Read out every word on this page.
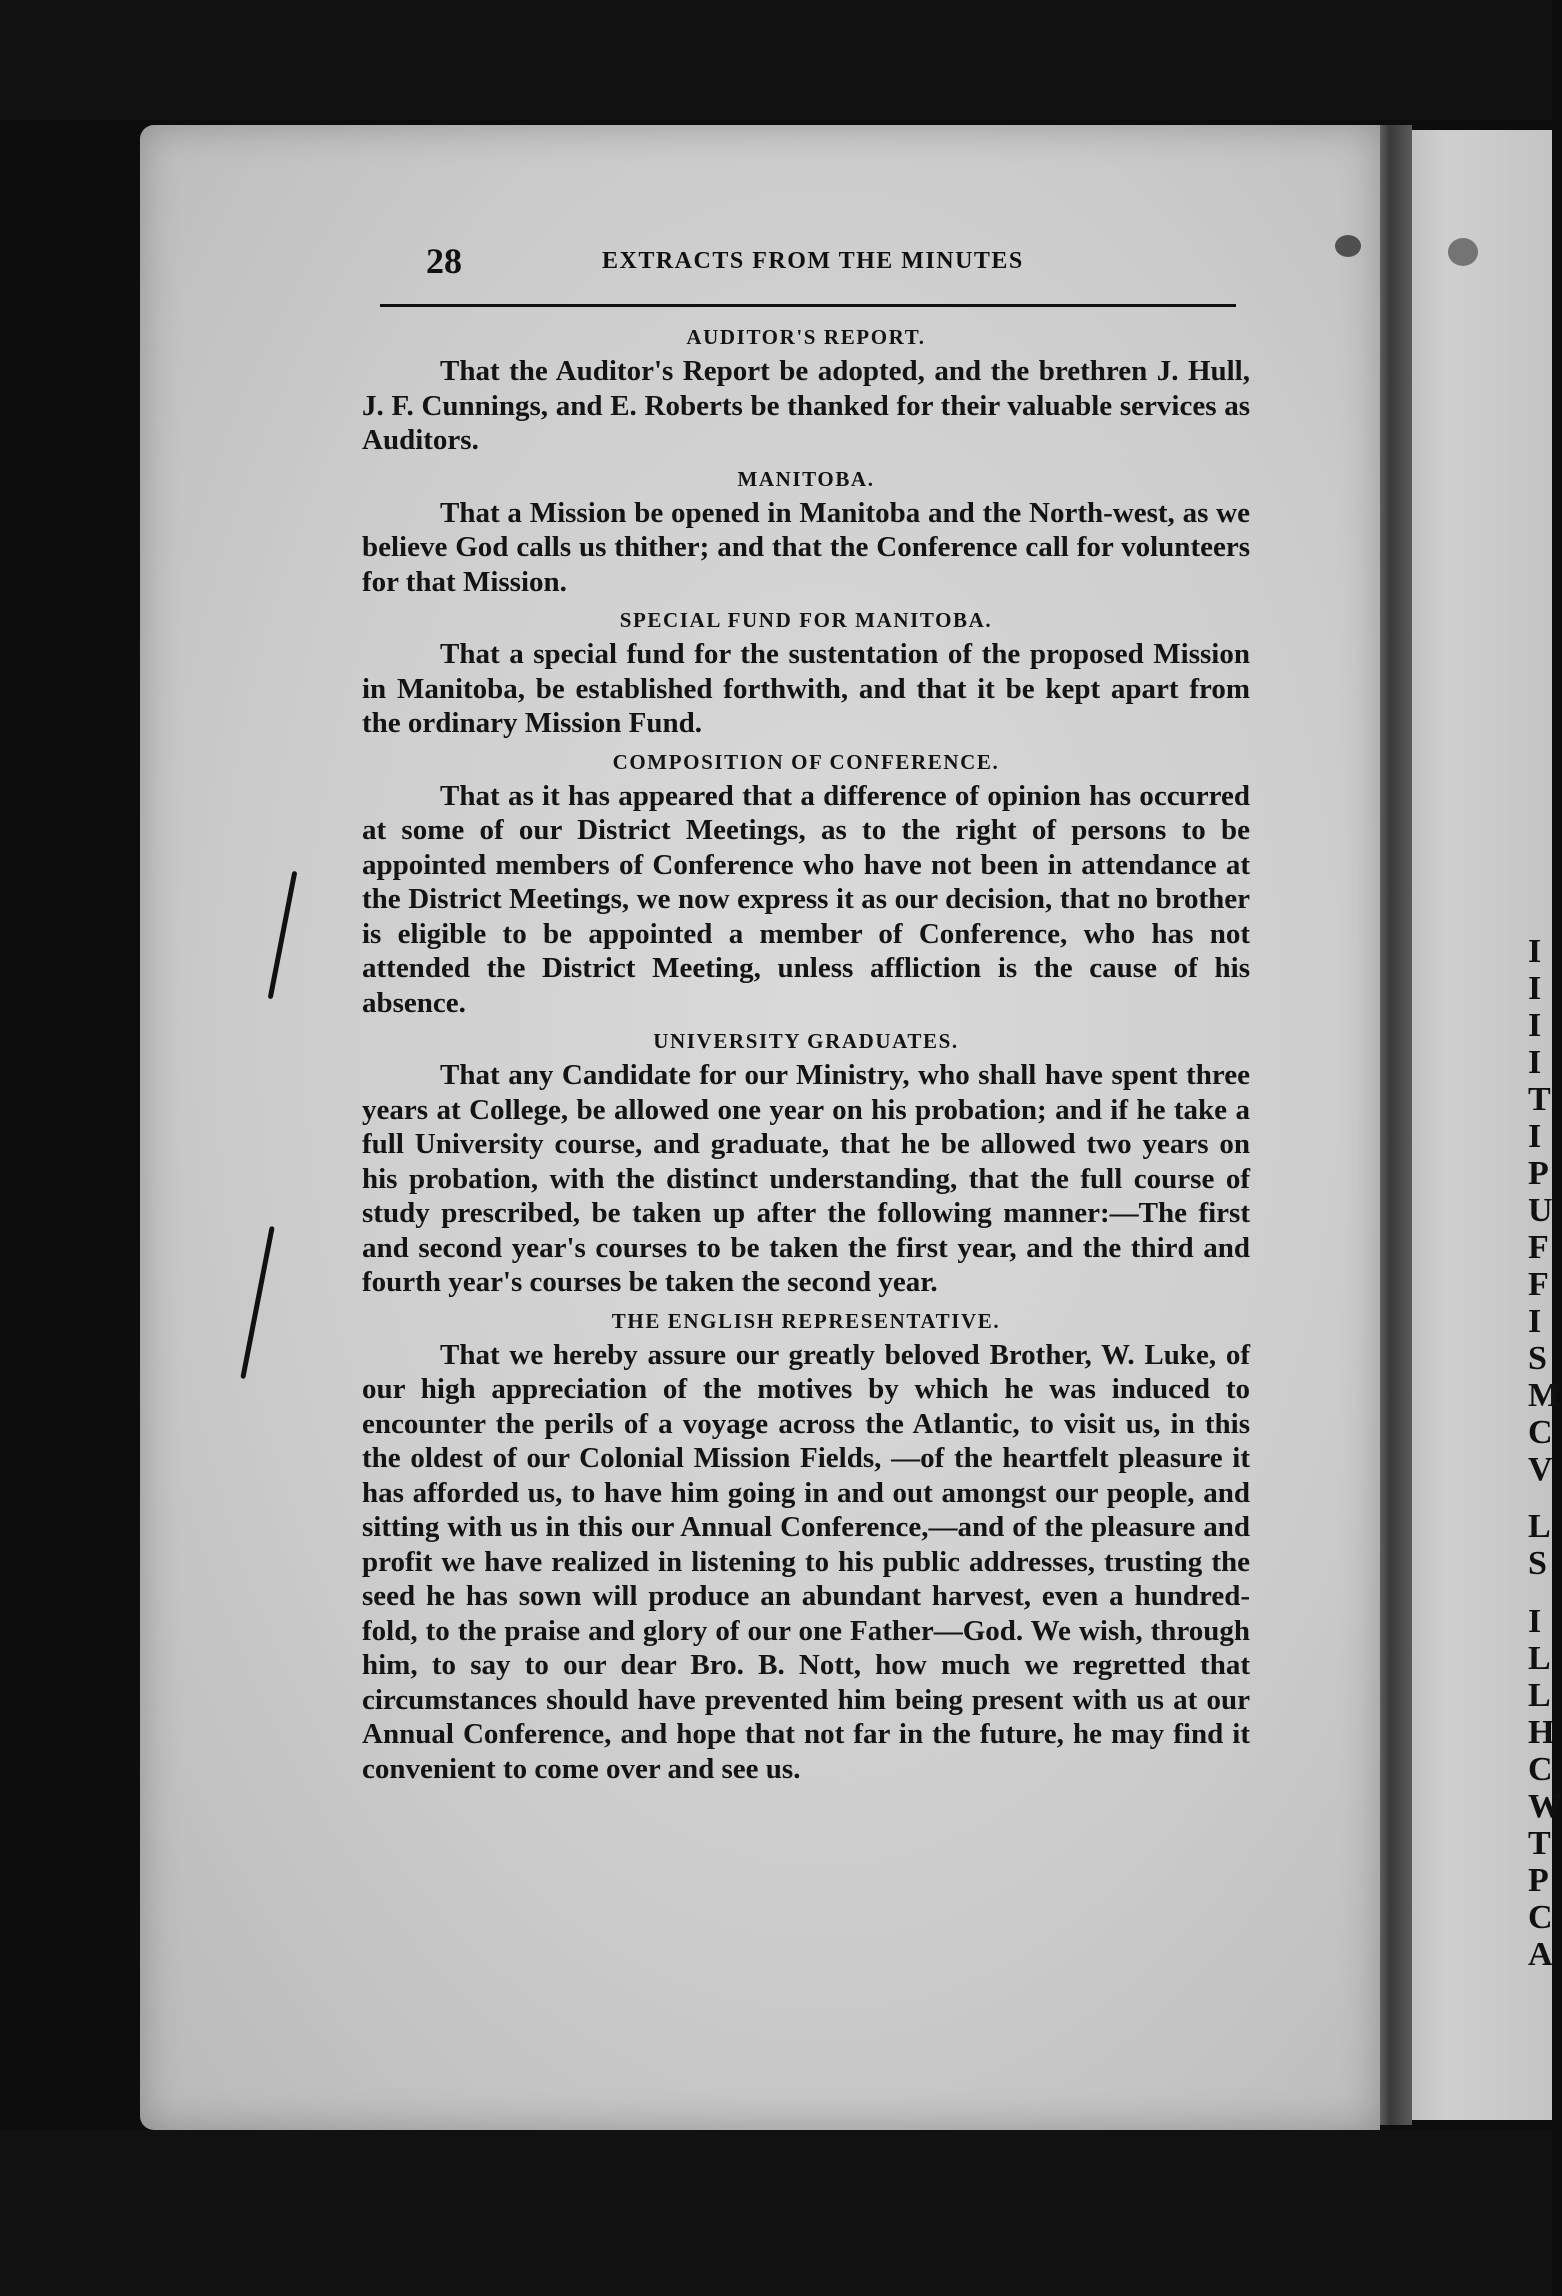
I
I
I
I
T
I
P
U
F
F
I
S
M
C
V
L
S
I
L
L
H
C
W
T
P
C
A
28	EXTRACTS FROM THE MINUTES

AUDITOR'S REPORT.

That the Auditor's Report be adopted, and the brethren J. Hull, J. F. Cunnings, and E. Roberts be thanked for their valuable services as Auditors.

MANITOBA.

That a Mission be opened in Manitoba and the North-west, as we believe God calls us thither; and that the Conference call for volunteers for that Mission.

SPECIAL FUND FOR MANITOBA.

That a special fund for the sustentation of the proposed Mission in Manitoba, be established forthwith, and that it be kept apart from the ordinary Mission Fund.

COMPOSITION OF CONFERENCE.

That as it has appeared that a difference of opinion has occurred at some of our District Meetings, as to the right of persons to be appointed members of Conference who have not been in attendance at the District Meetings, we now express it as our decision, that no brother is eligible to be appointed a member of Conference, who has not attended the District Meeting, unless affliction is the cause of his absence.

UNIVERSITY GRADUATES.

That any Candidate for our Ministry, who shall have spent three years at College, be allowed one year on his probation; and if he take a full University course, and graduate, that he be allowed two years on his probation, with the distinct understanding, that the full course of study prescribed, be taken up after the following manner:—The first and second year's courses to be taken the first year, and the third and fourth year's courses be taken the second year.

THE ENGLISH REPRESENTATIVE.

That we hereby assure our greatly beloved Brother, W. Luke, of our high appreciation of the motives by which he was induced to encounter the perils of a voyage across the Atlantic, to visit us, in this the oldest of our Colonial Mission Fields, —of the heartfelt pleasure it has afforded us, to have him going in and out amongst our people, and sitting with us in this our Annual Conference,—and of the pleasure and profit we have realized in listening to his public addresses, trusting the seed he has sown will produce an abundant harvest, even a hundred-fold, to the praise and glory of our one Father—God. We wish, through him, to say to our dear Bro. B. Nott, how much we regretted that circumstances should have prevented him being present with us at our Annual Conference, and hope that not far in the future, he may find it convenient to come over and see us.
